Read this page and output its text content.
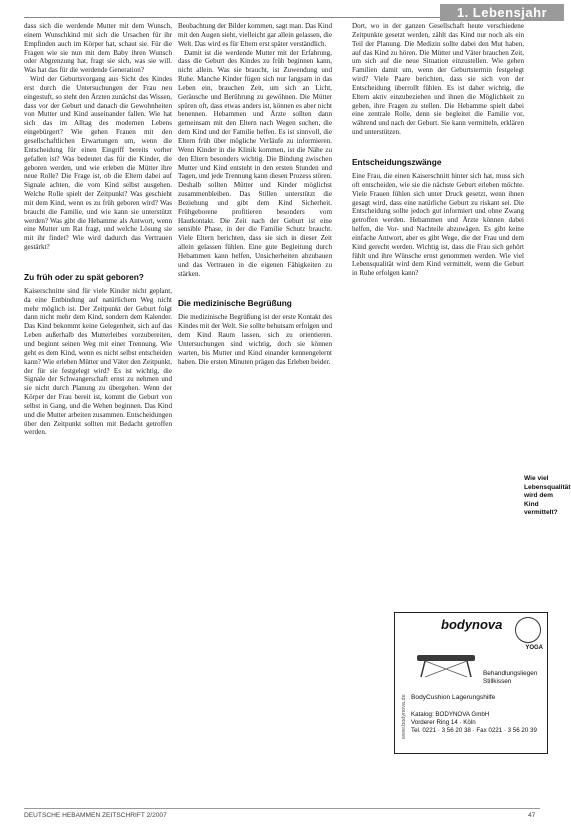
1. Lebensjahr

dass sich die werdende Mutter mit dem Wunsch, einem Wunschkind mit sich die Ursachen für ihr Empfinden auch im Körper hat, schaut sie. Für die Fragen wie sie nun mit dem Baby ihren Wunsch oder Abgrenzung hat, fragt sie sich, was sie will. Was hat das für die werdende Generation?

Wird der Geburtsvorgang aus Sicht des Kindes erst durch die Untersuchungen der Frau neu eingestuft, so steht den Ärzten zunächst das Wissen, dass vor der Geburt und danach die Gewohnheiten von Mutter und Kind auseinander fallen. Wie hat sich das im Alltag des modernen Lebens eingebürgert? Wie gehen Frauen mit den gesellschaftlichen Erwartungen um, wenn die Entscheidung für einen Eingriff bereits vorher gefallen ist? Was bedeutet das für die Kinder, die geboren werden, und wie erleben die Mütter ihre neue Rolle? Die Frage ist, ob die Eltern dabei auf Signale achten, die vom Kind selbst ausgehen. Welche Rolle spielt der Zeitpunkt? Was geschieht mit dem Kind, wenn es zu früh geboren wird? Was braucht die Familie, und wie kann sie unterstützt werden? Was gibt die Hebamme als Antwort, wenn eine Mutter um Rat fragt, und welche Lösung sie mit ihr findet? Wie wird dadurch das Vertrauen gestärkt?

Zu früh oder zu spät geboren?

Kaiserschnitte sind für viele Kinder nicht geplant, da eine Entbindung auf natürlichem Weg nicht mehr möglich ist. Der Zeitpunkt der Geburt folgt dann nicht mehr dem Kind, sondern dem Kalender. Das Kind bekommt keine Gelegenheit, sich auf das Leben außerhalb des Mutterleibes vorzubereiten, und beginnt seinen Weg mit einer Trennung. Wie geht es dem Kind, wenn es nicht selbst entscheiden kann? Wie erleben Mütter und Väter den Zeitpunkt, der für sie festgelegt wird? Es ist wichtig, die Signale der Schwangerschaft ernst zu nehmen und sie nicht durch Planung zu übergehen. Wenn der Körper der Frau bereit ist, kommt die Geburt von selbst in Gang, und die Wehen beginnen. Das Kind und die Mutter arbeiten zusammen. Entscheidungen über den Zeitpunkt sollten mit Bedacht getroffen werden.

Beobachtung der Bilder kommen, sagt man. Das Kind mit den Augen sieht, vielleicht gar allein gelassen, die Welt. Das wird es für Eltern erst später verständlich.

Damit ist die werdende Mutter mit der Erfahrung, dass die Geburt des Kindes zu früh beginnen kann, nicht allein. Was sie braucht, ist Zuwendung und Ruhe. Manche Kinder fügen sich nur langsam in das Leben ein, brauchen Zeit, um sich an Licht, Geräusche und Berührung zu gewöhnen. Die Mütter spüren oft, dass etwas anders ist, können es aber nicht benennen. Hebammen und Ärzte sollten dann gemeinsam mit den Eltern nach Wegen suchen, die dem Kind und der Familie helfen. Es ist sinnvoll, die Eltern früh über mögliche Verläufe zu informieren. Wenn Kinder in die Klinik kommen, ist die Nähe zu den Eltern besonders wichtig. Die Bindung zwischen Mutter und Kind entsteht in den ersten Stunden und Tagen, und jede Trennung kann diesen Prozess stören. Deshalb sollten Mütter und Kinder möglichst zusammenbleiben. Das Stillen unterstützt die Beziehung und gibt dem Kind Sicherheit. Frühgeborene profitieren besonders vom Hautkontakt. Die Zeit nach der Geburt ist eine sensible Phase, in der die Familie Schutz braucht. Viele Eltern berichten, dass sie sich in dieser Zeit allein gelassen fühlen. Eine gute Begleitung durch Hebammen kann helfen, Unsicherheiten abzubauen und das Vertrauen in die eigenen Fähigkeiten zu stärken.

Die medizinische Begrüßung

Die medizinische Begrüßung ist der erste Kontakt des Kindes mit der Welt. Sie sollte behutsam erfolgen und dem Kind Raum lassen, sich zu orientieren. Untersuchungen sind wichtig, doch sie können warten, bis Mutter und Kind einander kennengelernt haben. Die ersten Minuten prägen das Erleben beider.

Dort, wo in der ganzen Gesellschaft heute verschiedene Zeitpunkte gesetzt werden, zählt das Kind nur noch als ein Teil der Planung. Die Medizin sollte dabei den Mut haben, auf das Kind zu hören. Die Mütter und Väter brauchen Zeit, um sich auf die neue Situation einzustellen. Wie gehen Familien damit um, wenn der Geburtstermin festgelegt wird? Viele Paare berichten, dass sie sich von der Entscheidung überrollt fühlen. Es ist daher wichtig, die Eltern aktiv einzubeziehen und ihnen die Möglichkeit zu geben, ihre Fragen zu stellen. Die Hebamme spielt dabei eine zentrale Rolle, denn sie begleitet die Familie vor, während und nach der Geburt. Sie kann vermitteln, erklären und unterstützen.

Entscheidungszwänge

Eine Frau, die einen Kaiserschnitt hinter sich hat, muss sich oft entscheiden, wie sie die nächste Geburt erleben möchte. Viele Frauen fühlen sich unter Druck gesetzt, wenn ihnen gesagt wird, dass eine natürliche Geburt zu riskant sei. Die Entscheidung sollte jedoch gut informiert und ohne Zwang getroffen werden. Hebammen und Ärzte können dabei helfen, die Vor- und Nachteile abzuwägen. Es gibt keine einfache Antwort, aber es gibt Wege, die der Frau und dem Kind gerecht werden. Wichtig ist, dass die Frau sich gehört fühlt und ihre Wünsche ernst genommen werden. Wie viel Lebensqualität wird dem Kind vermittelt, wenn die Geburt in Ruhe erfolgen kann?

Wie viel Lebensqualität wird dem Kind vermittelt?
bodynova
YOGA
www.bodynova.de
Behandlungsliegen
Stillkissen
BodyCushion Lagerungshilfe
Katalog: BODYNOVA GmbH
Vorderer Ring 14 · Köln
Tel. 0221 · 3 56 20 38 · Fax 0221 · 3 56 20 39
DEUTSCHE HEBAMMEN ZEITSCHRIFT 2/2007	47
